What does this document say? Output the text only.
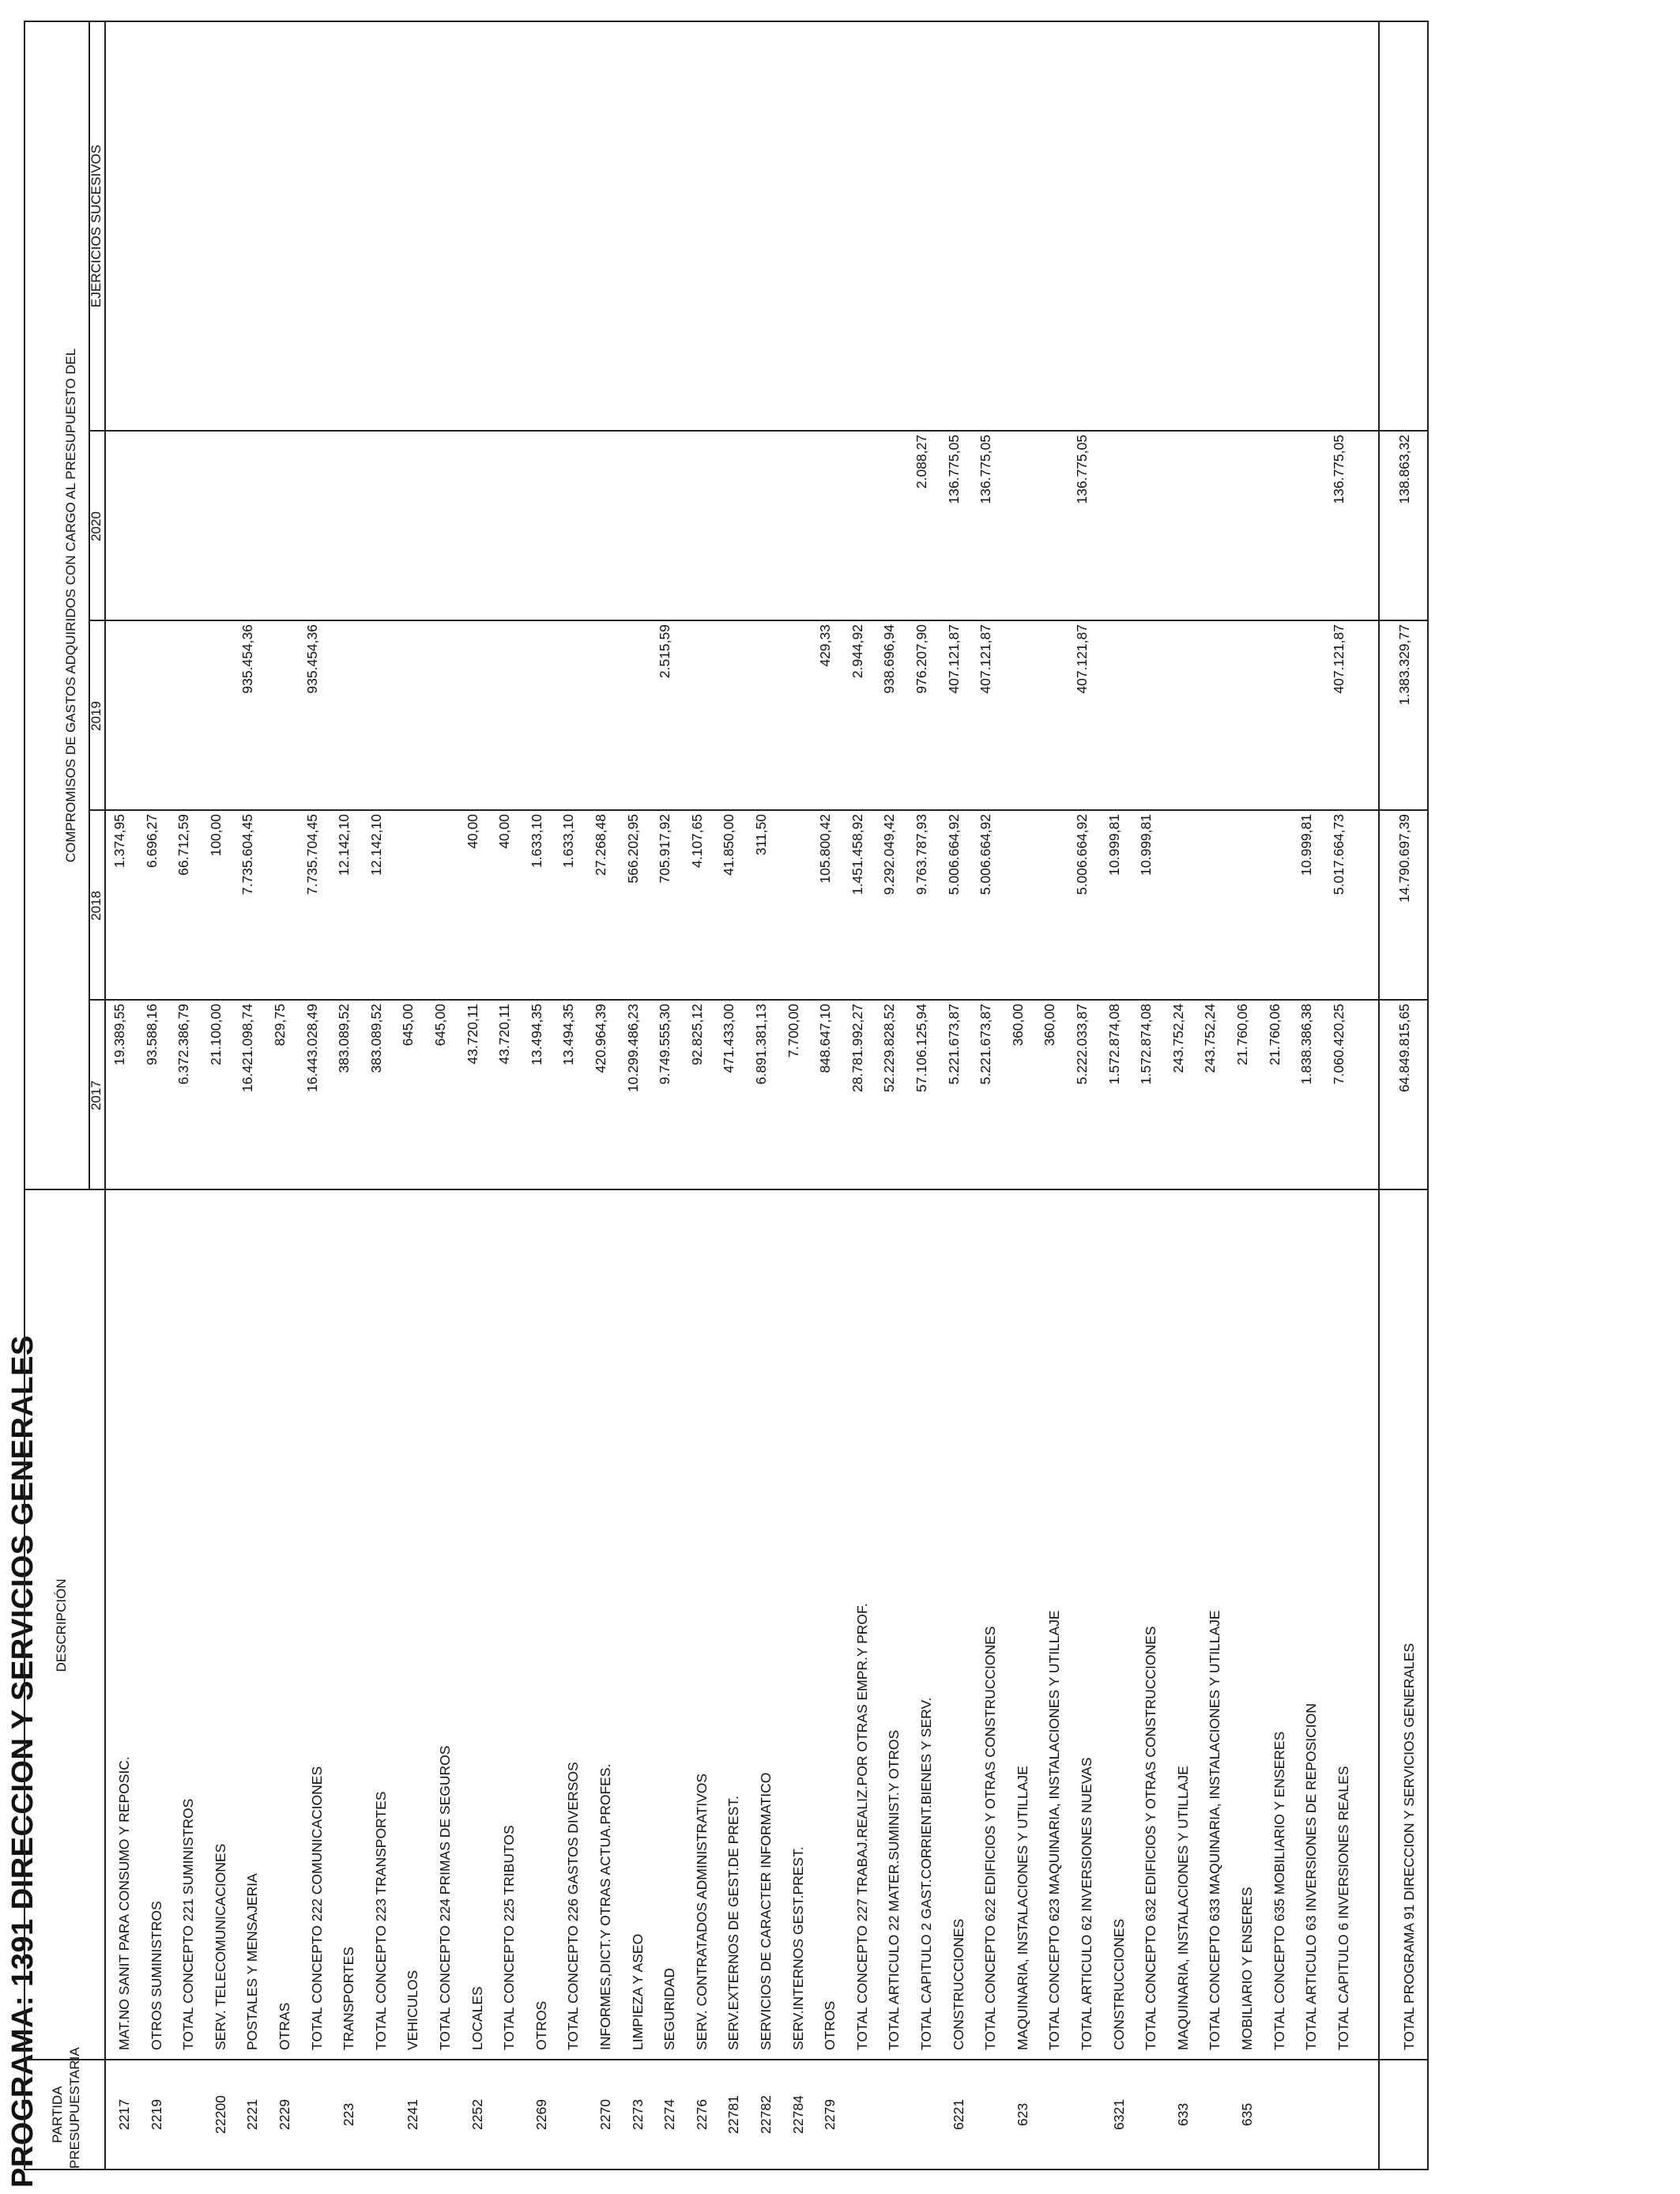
PROGRAMA: 1391 DIRECCION Y SERVICIOS GENERALES PARTIDA PRESUPUESTARIA
DESCRIPCIÓN
COMPROMISOS DE GASTOS ADQUIRIDOS CON CARGO AL PRESUPUESTO DEL
2017
2018
2019
2020
EJERCICIOS SUCESIVOS
2217
MAT.NO SANIT PARA CONSUMO Y REPOSIC.
19.389,55
1.374,95
2219
OTROS SUMINISTROS
93.588,16
6.696,27
TOTAL CONCEPTO 221 SUMINISTROS
6.372.386,79
66.712,59
22200
SERV. TELECOMUNICACIONES
21.100,00
100,00
2221
POSTALES Y MENSAJERIA
16.421.098,74
7.735.604,45
935.454,36
2229
OTRAS
829,75
TOTAL CONCEPTO 222 COMUNICACIONES
16.443.028,49
7.735.704,45
935.454,36
223
TRANSPORTES
383.089,52
12.142,10
TOTAL CONCEPTO 223 TRANSPORTES
383.089,52
12.142,10
2241
VEHICULOS
645,00
TOTAL CONCEPTO 224 PRIMAS DE SEGUROS
645,00
2252
LOCALES
43.720,11
40,00
TOTAL CONCEPTO 225 TRIBUTOS
43.720,11
40,00
2269
OTROS
13.494,35
1.633,10
TOTAL CONCEPTO 226 GASTOS DIVERSOS
13.494,35
1.633,10
2270
INFORMES,DICT.Y OTRAS ACTUA.PROFES.
420.964,39
27.268,48
2273
LIMPIEZA Y ASEO
10.299.486,23
566.202,95
2274
SEGURIDAD
9.749.555,30
705.917,92
2.515,59
2276
SERV. CONTRATADOS ADMINISTRATIVOS
92.825,12
4.107,65
22781
SERV.EXTERNOS DE GEST.DE PREST.
471.433,00
41.850,00
22782
SERVICIOS DE CARACTER INFORMATICO
6.891.381,13
311,50
22784
SERV.INTERNOS GEST.PREST.
7.700,00
2279
OTROS
848.647,10
105.800,42
429,33
TOTAL CONCEPTO 227 TRABAJ.REALIZ.POR OTRAS EMPR.Y PROF.
28.781.992,27
1.451.458,92
2.944,92
TOTAL ARTICULO 22 MATER.SUMINIST.Y OTROS
52.229.828,52
9.292.049,42
938.696,94
TOTAL CAPITULO 2 GAST.CORRIENT.BIENES Y SERV.
57.106.125,94
9.763.787,93
976.207,90
2.088,27
6221
CONSTRUCCIONES
5.221.673,87
5.006.664,92
407.121,87
136.775,05
TOTAL CONCEPTO 622 EDIFICIOS Y OTRAS CONSTRUCCIONES
5.221.673,87
5.006.664,92
407.121,87
136.775,05
623
MAQUINARIA, INSTALACIONES Y UTILLAJE
360,00
TOTAL CONCEPTO 623 MAQUINARIA, INSTALACIONES Y UTILLAJE
360,00
TOTAL ARTICULO 62 INVERSIONES NUEVAS
5.222.033,87
5.006.664,92
407.121,87
136.775,05
6321
CONSTRUCCIONES
1.572.874,08
10.999,81
TOTAL CONCEPTO 632 EDIFICIOS Y OTRAS CONSTRUCCIONES
1.572.874,08
10.999,81
633
MAQUINARIA, INSTALACIONES Y UTILLAJE
243.752,24
TOTAL CONCEPTO 633 MAQUINARIA, INSTALACIONES Y UTILLAJE
243.752,24
635
MOBILIARIO Y ENSERES
21.760,06
TOTAL CONCEPTO 635 MOBILIARIO Y ENSERES
21.760,06
TOTAL ARTICULO 63 INVERSIONES DE REPOSICION
1.838.386,38
10.999,81
TOTAL CAPITULO 6 INVERSIONES REALES
7.060.420,25
5.017.664,73
407.121,87
136.775,05
TOTAL PROGRAMA 91 DIRECCION Y SERVICIOS GENERALES
64.849.815,65
14.790.697,39
1.383.329,77
138.863,32
